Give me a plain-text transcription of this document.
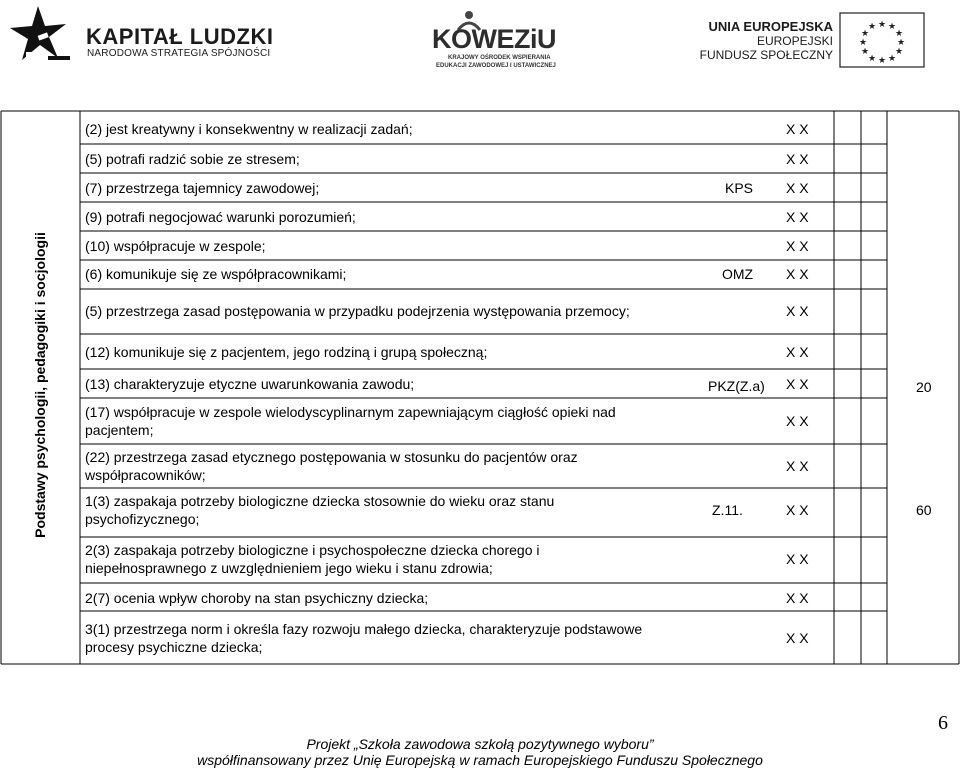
KAPITAŁ LUDZKI
NARODOWA STRATEGIA SPÓJNOŚCI	KOWEZiU
KRAJOWY OŚRODEK WSPIERANIA
EDUKACJI ZAWODOWEJ I USTAWICZNEJ
UNIA EUROPEJSKA
EUROPEJSKI
FUNDUSZ SPOŁECZNY
★ ★
★
★
★
★
★
★
★
★
★
★
Podstawy psychologii, pedagogiki i socjologii
(2) jest kreatywny i konsekwentny w realizacji zadań;	X X
(5) potrafi radzić sobie ze stresem;	X X
(7) przestrzega tajemnicy zawodowej;	KPS X X
(9) potrafi negocjować warunki porozumień;	X X
(10) współpracuje w zespole;	X X
(6) komunikuje się ze współpracownikami;	OMZ X X
(5) przestrzega zasad postępowania w przypadku podejrzenia występowania przemocy;	X X
(12) komunikuje się z pacjentem, jego rodziną i grupą społeczną;	X X
(13) charakteryzuje etyczne uwarunkowania zawodu;	PKZ(Z.a) X X	20
(17) współpracuje w zespole wielodyscyplinarnym zapewniającym ciągłość opieki nad
pacjentem;
X X
(22) przestrzega zasad etycznego postępowania w stosunku do pacjentów oraz
współpracowników;
X X
1(3) zaspakaja potrzeby biologiczne dziecka stosownie do wieku oraz stanu
psychofizycznego;
Z.11.	X X	60
2(3) zaspakaja potrzeby biologiczne i psychospołeczne dziecka chorego i
niepełnosprawnego z uwzględnieniem jego wieku i stanu zdrowia;
X X
2(7) ocenia wpływ choroby na stan psychiczny dziecka;	X X
3(1) przestrzega norm i określa fazy rozwoju małego dziecka, charakteryzuje podstawowe
procesy psychiczne dziecka;
X X
6
Projekt „Szkoła zawodowa szkołą pozytywnego wyboru”
współfinansowany przez Unię Europejską w ramach Europejskiego Funduszu Społecznego
